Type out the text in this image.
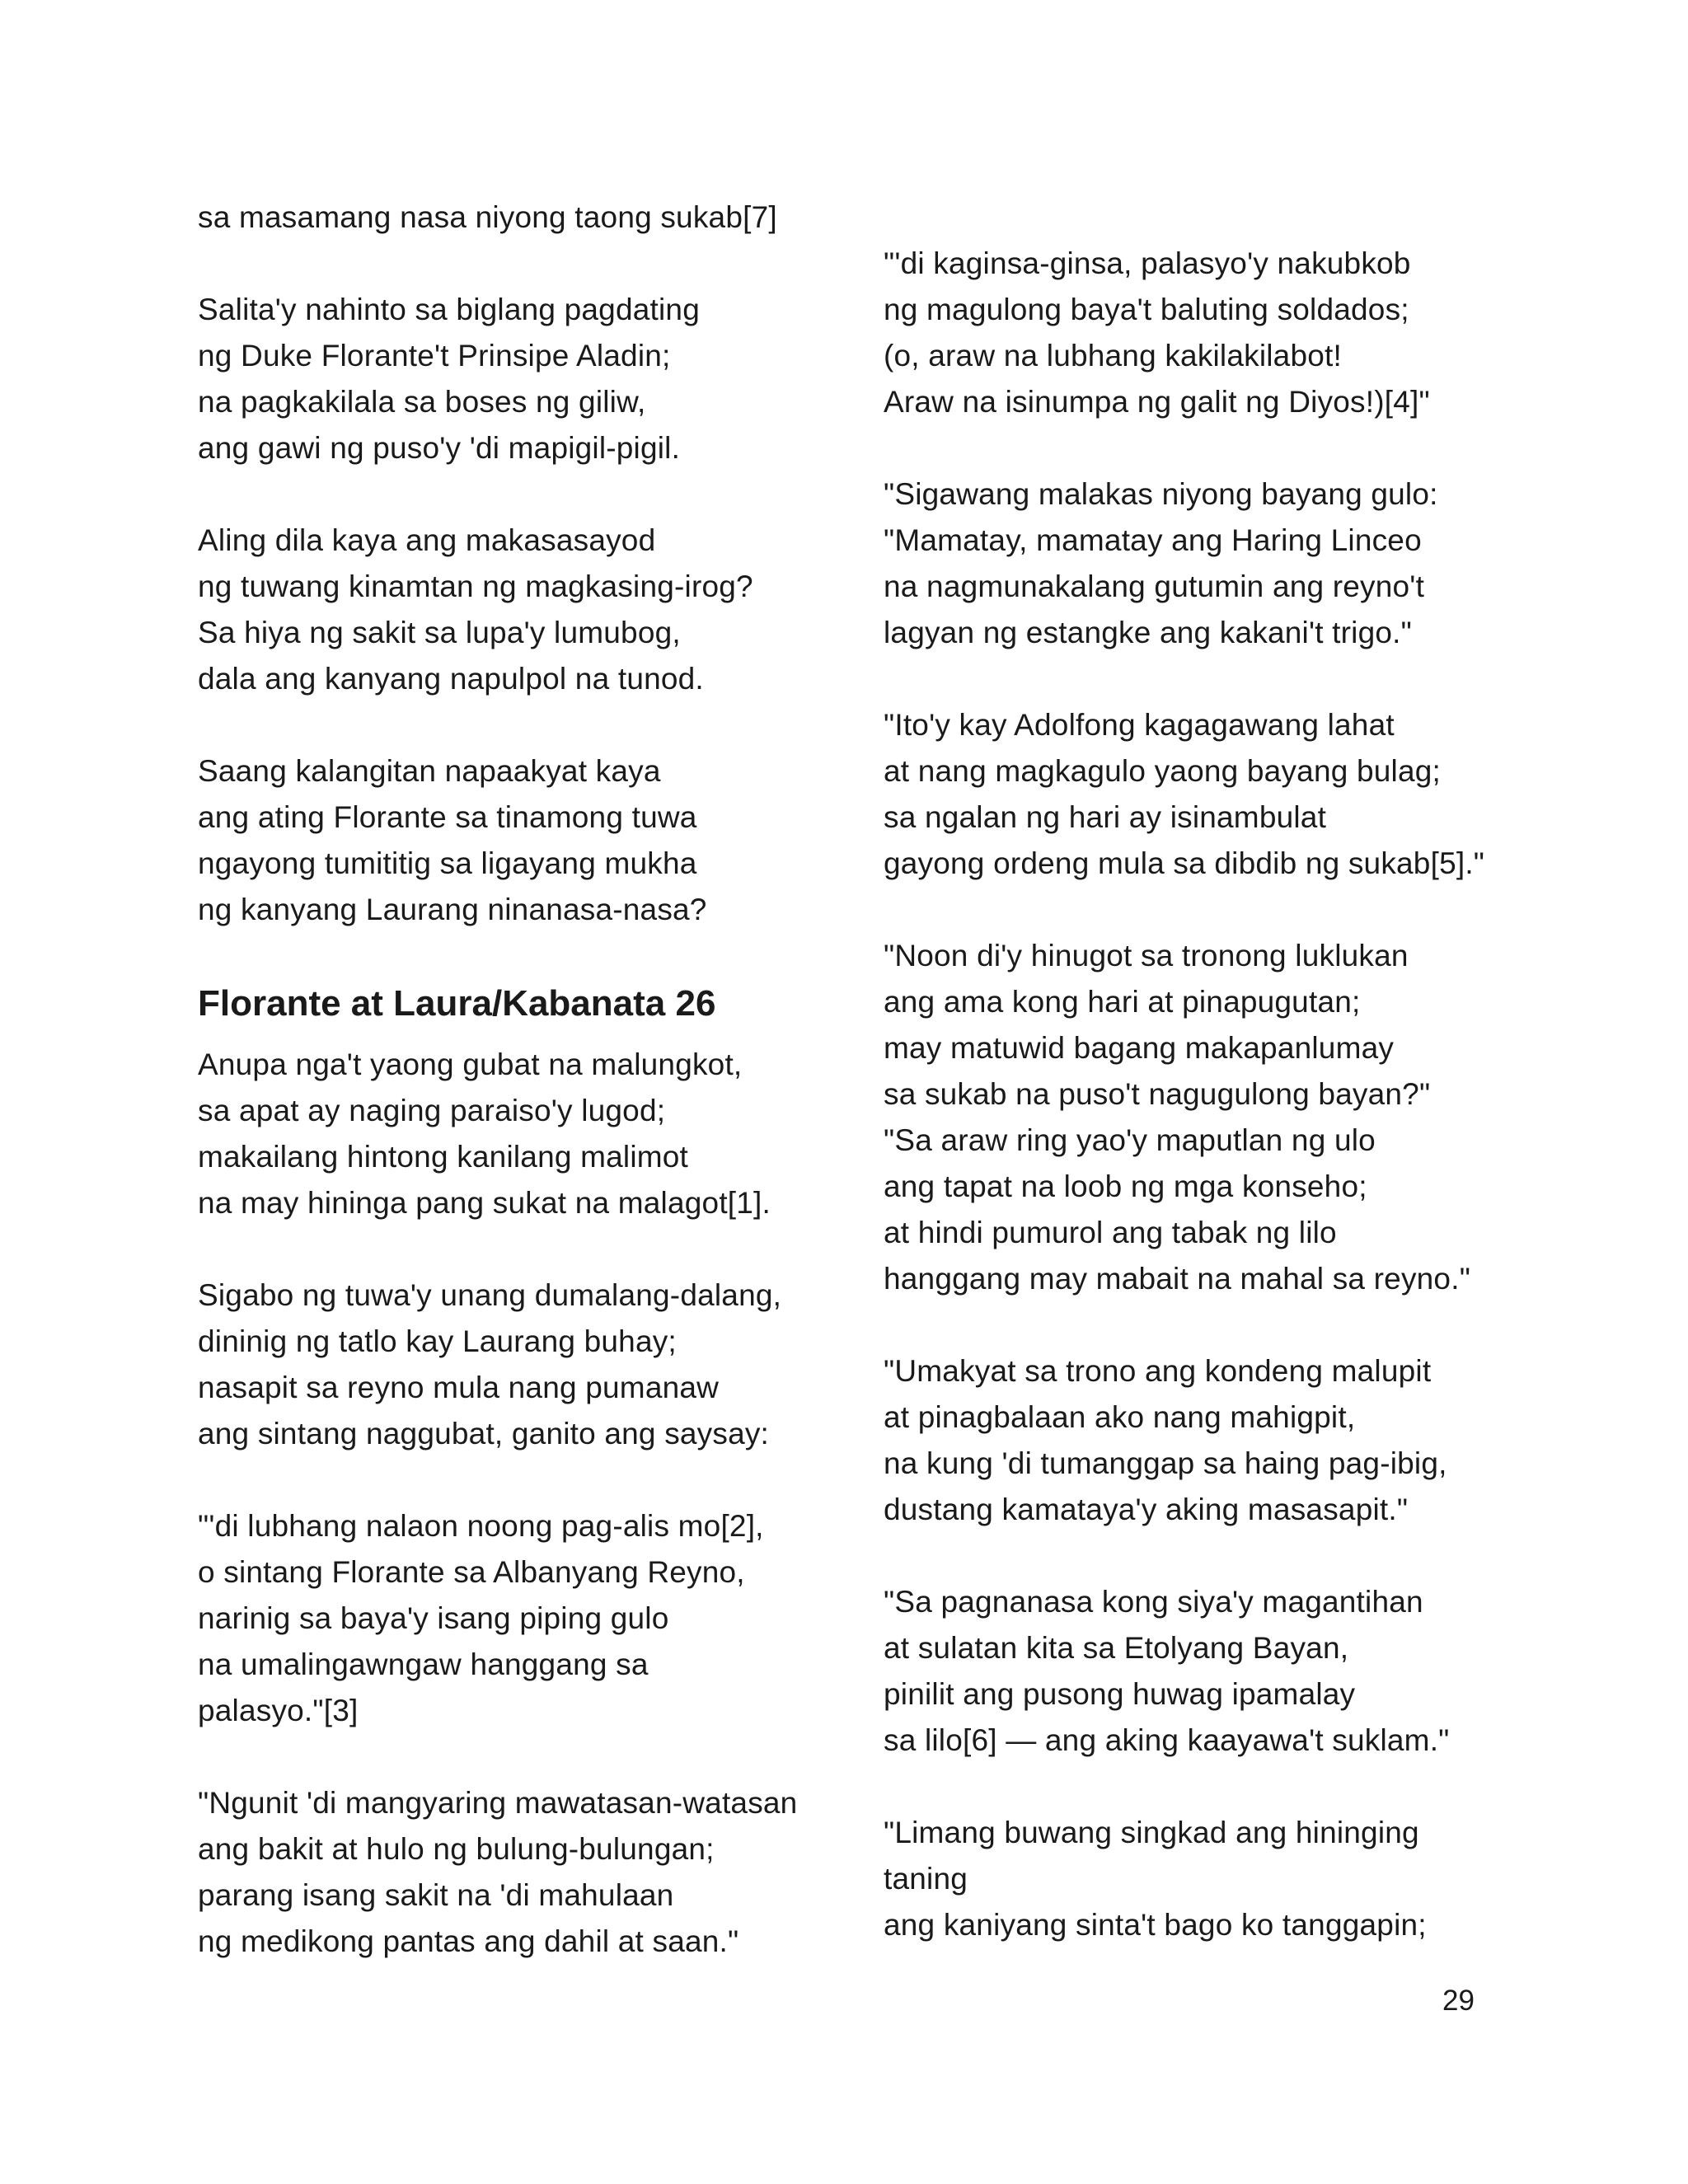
sa masamang nasa niyong taong sukab[7]
Salita'y nahinto sa biglang pagdating
ng Duke Florante't Prinsipe Aladin;
na pagkakilala sa boses ng giliw,
ang gawi ng puso'y 'di mapigil-pigil.
Aling dila kaya ang makasasayod
ng tuwang kinamtan ng magkasing-irog?
Sa hiya ng sakit sa lupa'y lumubog,
dala ang kanyang napulpol na tunod.
Saang kalangitan napaakyat kaya
ang ating Florante sa tinamong tuwa
ngayong tumititig sa ligayang mukha
ng kanyang Laurang ninanasa-nasa?
Florante at Laura/Kabanata 26
Anupa nga't yaong gubat na malungkot,
sa apat ay naging paraiso'y lugod;
makailang hintong kanilang malimot
na may hininga pang sukat na malagot[1].
Sigabo ng tuwa'y unang dumalang-dalang,
dininig ng tatlo kay Laurang buhay;
nasapit sa reyno mula nang pumanaw
ang sintang naggubat, ganito ang saysay:
"'di lubhang nalaon noong pag-alis mo[2],
o sintang Florante sa Albanyang Reyno,
narinig sa baya'y isang piping gulo
na umalingawngaw hanggang sa
palasyo."[3]
"Ngunit 'di mangyaring mawatasan-watasan
ang bakit at hulo ng bulung-bulungan;
parang isang sakit na 'di mahulaan
ng medikong pantas ang dahil at saan."
"'di kaginsa-ginsa, palasyo'y nakubkob
ng magulong baya't baluting soldados;
(o, araw na lubhang kakilakilabot!
Araw na isinumpa ng galit ng Diyos!)[4]"
"Sigawang malakas niyong bayang gulo:
"Mamatay, mamatay ang Haring Linceo
na nagmunakalang gutumin ang reyno't
lagyan ng estangke ang kakani't trigo."
"Ito'y kay Adolfong kagagawang lahat
at nang magkagulo yaong bayang bulag;
sa ngalan ng hari ay isinambulat
gayong ordeng mula sa dibdib ng sukab[5]."
"Noon di'y hinugot sa tronong luklukan
ang ama kong hari at pinapugutan;
may matuwid bagang makapanlumay
sa sukab na puso't nagugulong bayan?"
"Sa araw ring yao'y maputlan ng ulo
ang tapat na loob ng mga konseho;
at hindi pumurol ang tabak ng lilo
hanggang may mabait na mahal sa reyno."
"Umakyat sa trono ang kondeng malupit
at pinagbalaan ako nang mahigpit,
na kung 'di tumanggap sa haing pag-ibig,
dustang kamataya'y aking masasapit."
"Sa pagnanasa kong siya'y magantihan
at sulatan kita sa Etolyang Bayan,
pinilit ang pusong huwag ipamalay
sa lilo[6] — ang aking kaayawa't suklam."
"Limang buwang singkad ang hininging
taning
ang kaniyang sinta't bago ko tanggapin;
29
